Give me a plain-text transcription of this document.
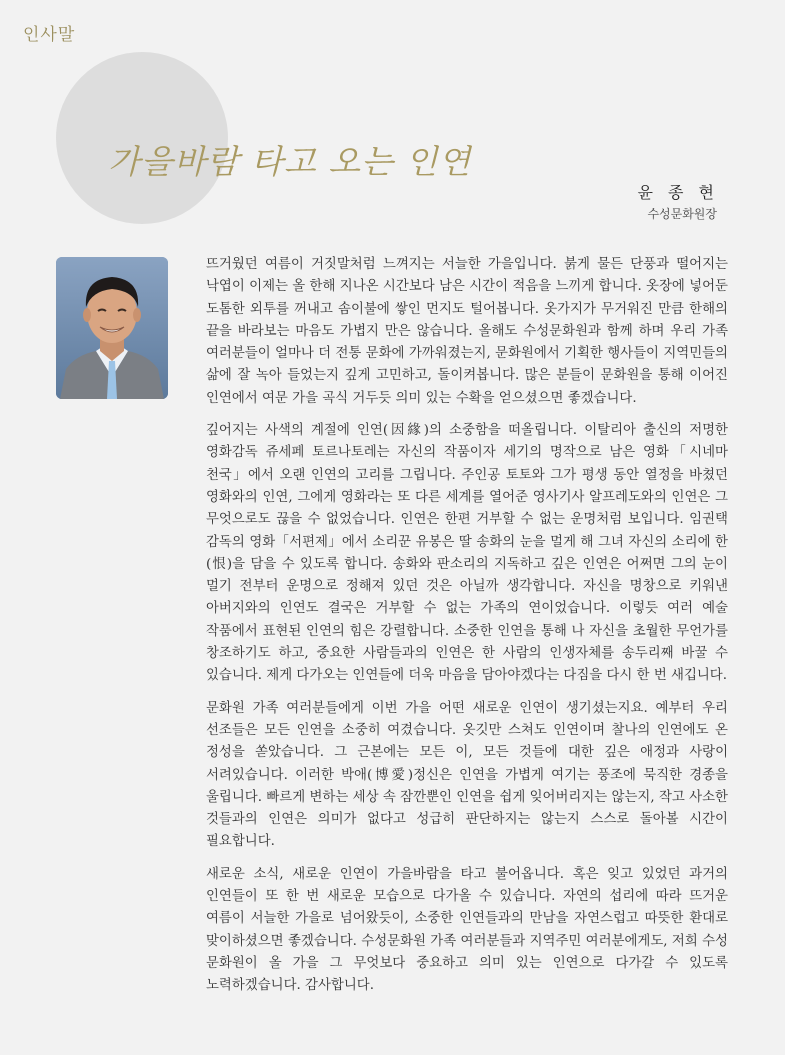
인사말
가을바람 타고 오는 인연
윤 종 현
수성문화원장

뜨거웠던 여름이 거짓말처럼 느껴지는 서늘한 가을입니다. 붉게 물든 단풍과 떨어지는 낙엽이 이제는 올 한해 지나온 시간보다 남은 시간이 적음을 느끼게 합니다. 옷장에 넣어둔 도톰한 외투를 꺼내고 솜이불에 쌓인 먼지도 털어봅니다. 옷가지가 무거워진 만큼 한해의 끝을 바라보는 마음도 가볍지 만은 않습니다. 올해도 수성문화원과 함께 하며 우리 가족 여러분들이 얼마나 더 전통 문화에 가까워졌는지, 문화원에서 기획한 행사들이 지역민들의 삶에 잘 녹아 들었는지 깊게 고민하고, 돌이켜봅니다. 많은 분들이 문화원을 통해 이어진 인연에서 여문 가을 곡식 거두듯 의미 있는 수확을 얻으셨으면 좋겠습니다.

깊어지는 사색의 계절에 인연(因緣)의 소중함을 떠올립니다. 이탈리아 출신의 저명한 영화감독 쥬세페 토르나토레는 자신의 작품이자 세기의 명작으로 남은 영화「시네마 천국」에서 오랜 인연의 고리를 그립니다. 주인공 토토와 그가 평생 동안 열정을 바쳤던 영화와의 인연, 그에게 영화라는 또 다른 세계를 열어준 영사기사 알프레도와의 인연은 그 무엇으로도 끊을 수 없었습니다. 인연은 한편 거부할 수 없는 운명처럼 보입니다. 임권택 감독의 영화「서편제」에서 소리꾼 유봉은 딸 송화의 눈을 멀게 해 그녀 자신의 소리에 한(恨)을 담을 수 있도록 합니다. 송화와 판소리의 지독하고 깊은 인연은 어쩌면 그의 눈이 멀기 전부터 운명으로 정해져 있던 것은 아닐까 생각합니다. 자신을 명창으로 키워낸 아버지와의 인연도 결국은 거부할 수 없는 가족의 연이었습니다. 이렇듯 여러 예술 작품에서 표현된 인연의 힘은 강렬합니다. 소중한 인연을 통해 나 자신을 초월한 무언가를 창조하기도 하고, 중요한 사람들과의 인연은 한 사람의 인생자체를 송두리째 바꿀 수 있습니다. 제게 다가오는 인연들에 더욱 마음을 담아야겠다는 다짐을 다시 한 번 새깁니다.

문화원 가족 여러분들에게 이번 가을 어떤 새로운 인연이 생기셨는지요. 예부터 우리 선조들은 모든 인연을 소중히 여겼습니다. 옷깃만 스쳐도 인연이며 찰나의 인연에도 온 정성을 쏟았습니다. 그 근본에는 모든 이, 모든 것들에 대한 깊은 애정과 사랑이 서려있습니다. 이러한 박애(博愛)정신은 인연을 가볍게 여기는 풍조에 묵직한 경종을 울립니다. 빠르게 변하는 세상 속 잠깐뿐인 인연을 쉽게 잊어버리지는 않는지, 작고 사소한 것들과의 인연은 의미가 없다고 성급히 판단하지는 않는지 스스로 돌아볼 시간이 필요합니다.

새로운 소식, 새로운 인연이 가을바람을 타고 불어옵니다. 혹은 잊고 있었던 과거의 인연들이 또 한 번 새로운 모습으로 다가올 수 있습니다. 자연의 섭리에 따라 뜨거운 여름이 서늘한 가을로 넘어왔듯이, 소중한 인연들과의 만남을 자연스럽고 따뜻한 환대로 맞이하셨으면 좋겠습니다. 수성문화원 가족 여러분들과 지역주민 여러분에게도, 저희 수성 문화원이 올 가을 그 무엇보다 중요하고 의미 있는 인연으로 다가갈 수 있도록 노력하겠습니다. 감사합니다.
